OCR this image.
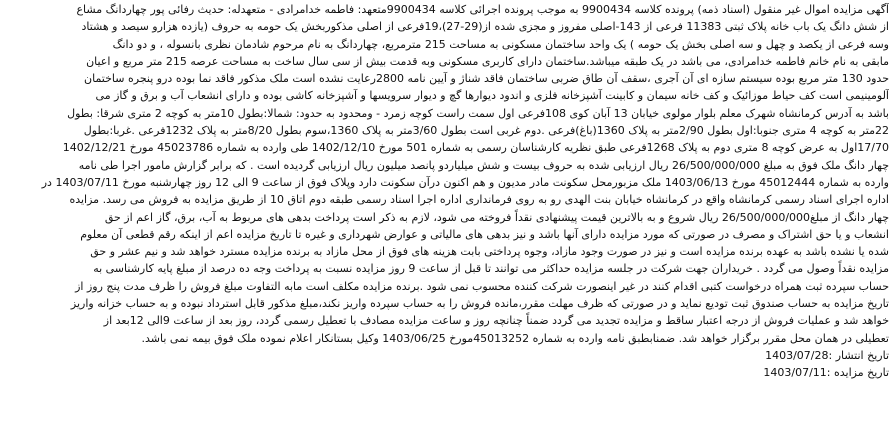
آگهی مزایده اموال غیر منقول (اسناد ذمه) پرونده کلاسه 9900434 به موجب پرونده اجرائی کلاسه 9900434متعهد: فاطمه خدامرادی - متعهدله: حدیث رفائی پور چهاردانگ مشاع
از شش دانگ یک باب خانه پلاک ثبتی 11383 فرعی از 143-اصلی مفروز و مجزی شده از(29-27)،19فرعی از اصلی مذکوربخش یک حومه به حروف (یازده هزارو سیصد و هشتاد
وسه فرعی از یکصد و چهل و سه اصلی بخش یک حومه ) یک واحد ساختمان مسکونی به مساحت 215 مترمربع، چهاردانگ به نام مرحوم شادمان نظری بانسوله ، و دو دانگ
مابقی به نام خانم فاطمه خدامرادی، می باشد در یک طبقه میباشد.ساختمان دارای کاربری مسکونی وبه قدمت بیش از سی سال ساخت به مساحت عرصه 215 متر مربع و اعیان
حدود 130 متر مربع بوده سیستم سازه ای آن آجری ،سقف آن طاق ضربی ساختمان فاقد شناژ و آیین نامه 2800رعایت نشده است ملک مذکور فاقد نما بوده درو پنجره ساختمان
آلومینیمی است کف حیاط موزائیک و کف خانه سیمان و کابینت آشپزخانه فلزی و اندود دیوارها گچ و دیوار سرویسها و آشپزخانه کاشی بوده و دارای انشعاب آب و برق و گاز می
باشد به آدرس کرمانشاه شهرک معلم بلوار مولوی خیابان 13 آبان کوی 108فرعی اول سمت راست کوچه زمرد - ومحدود به حدود: شمالا:بطول 10متر به کوچه 2 متری شرقا: بطول
22متر به کوچه 4 متری جنوبا:اول بطول 2/90متر به پلاک 1360(باغ)فرعی .دوم غربی است بطول 3/60متر به پلاک 1360،سوم بطول 8/20متر به پلاک 1232فرعی .غربا:بطول
17/70اول به عرض کوچه 8 متری دوم به پلاک 1268فرعی طبق نظریه کارشناسان رسمی به شماره 501 مورخ 1402/12/10 طی وارده به شماره 45023786 مورخ 1402/12/21
چهار دانگ ملک فوق به مبلغ 26/500/000/000 ریال ارزیابی شده به حروف بیست و شش میلیاردو پانصد میلیون ریال ارزیابی گردیده است . که برابر گزارش مامور اجرا طی نامه
وارده به شماره 45012444 مورخ 1403/06/13 ملک مزبورمحل سکونت مادر مدیون و هم اکنون درآن سکونت دارد وپلاک فوق از ساعت 9 الی 12 روز چهارشنبه مورخ 1403/07/11 در
اداره اجرای اسناد رسمی کرمانشاه واقع در کرمانشاه خیابان بنت الهدی رو به روی فرمانداری اداره اجرا اسناد رسمی طبقه دوم اتاق 10 از طریق مزایده به فروش می رسد. مزایده
چهار دانگ از مبلغ26/500/000/000 ریال شروع و به بالاترین قیمت پیشنهادی نقداً فروخته می شود، لازم به ذکر است پرداخت بدهی های مربوط به آب، برق، گاز اعم از حق
انشعاب و یا حق اشتراک و مصرف در صورتی که مورد مزایده دارای آنها باشد و نیز بدهی های مالیاتی و عوارض شهرداری و غیره تا تاریخ مزایده اعم از اینکه رقم قطعی آن معلوم
شده یا نشده باشد به عهده برنده مزایده است و نیز در صورت وجود مازاد، وجوه پرداختی بابت هزینه های فوق از محل مازاد به برنده مزایده مسترد خواهد شد و نیم عشر و حق
مزایده نقداً وصول می گردد . خریداران جهت شرکت در جلسه مزایده حداکثر می توانند تا قبل از ساعت 9 روز مزایده نسبت به پرداخت وجه ده درصد از مبلغ پایه کارشناسی به
حساب سپرده ثبت همراه درخواست کتبی اقدام کنند در غیر اینصورت شرکت کننده محسوب نمی شود .برنده مزایده مکلف است مابه التفاوت مبلغ فروش را ظرف مدت پنج روز از
تاریخ مزایده به حساب صندوق ثبت تودیع نماید و در صورتی که ظرف مهلت مقرر،مانده فروش را به حساب سپرده واریز نکند،مبلغ مذکور قابل استرداد نبوده و به حساب خزانه واریز
خواهد شد و عملیات فروش از درجه اعتبار ساقط و مزایده تجدید می گردد ضمناً چنانچه روز و ساعت مزایده مصادف با تعطیل رسمی گردد، روز بعد از ساعت 9الی 12بعد از
تعطیلی در همان محل مقرر برگزار خواهد شد. ضمنابطبق نامه وارده به شماره 45013252مورخ 1403/06/25 وکیل بستانکار اعلام نموده ملک فوق بیمه نمی باشد.
تاریخ انتشار :1403/07/28
تاریخ مزایده :1403/07/11
